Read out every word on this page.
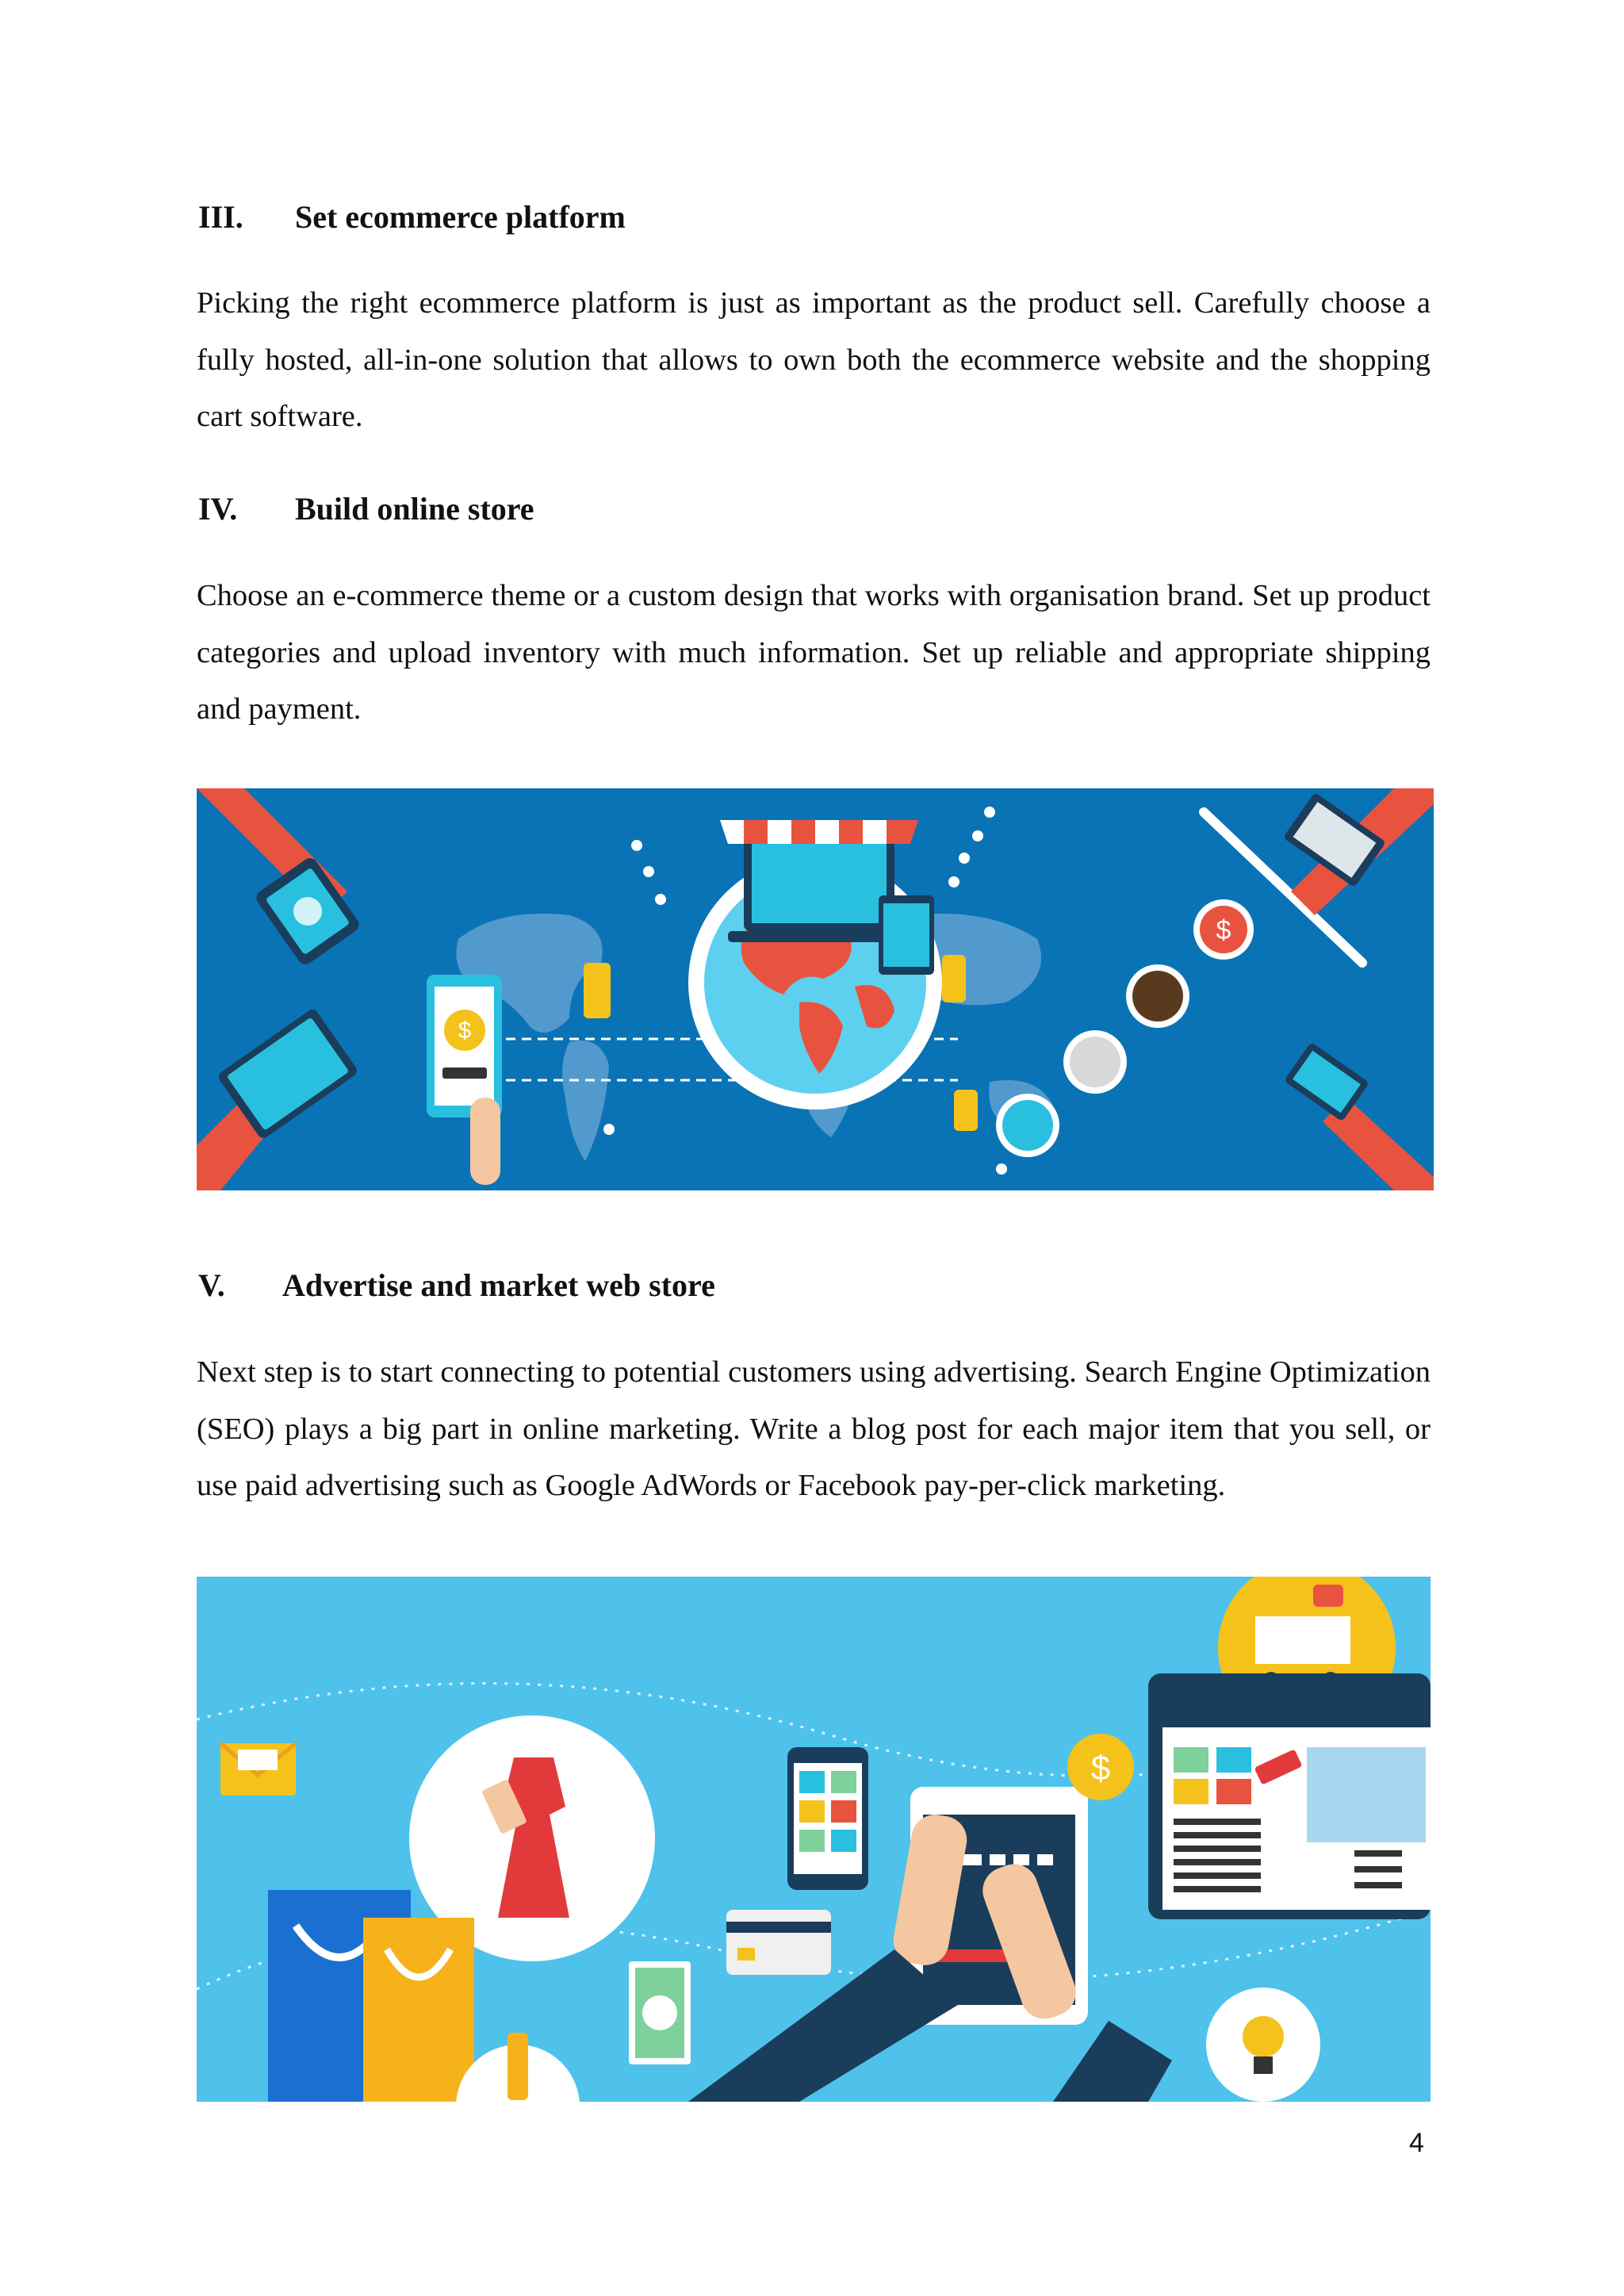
III. Set ecommerce platform

Picking the right ecommerce platform is just as important as the product sell. Carefully choose a fully hosted, all-in-one solution that allows to own both the ecommerce website and the shopping cart software.

IV. Build online store

Choose an e-commerce theme or a custom design that works with organisation brand. Set up product categories and upload inventory with much information. Set up reliable and appropriate shipping and payment.

$
$
V. Advertise and market web store

Next step is to start connecting to potential customers using advertising. Search Engine Optimization (SEO) plays a big part in online marketing. Write a blog post for each major item that you sell, or use paid advertising such as Google AdWords or Facebook pay-per-click marketing.

$
4
